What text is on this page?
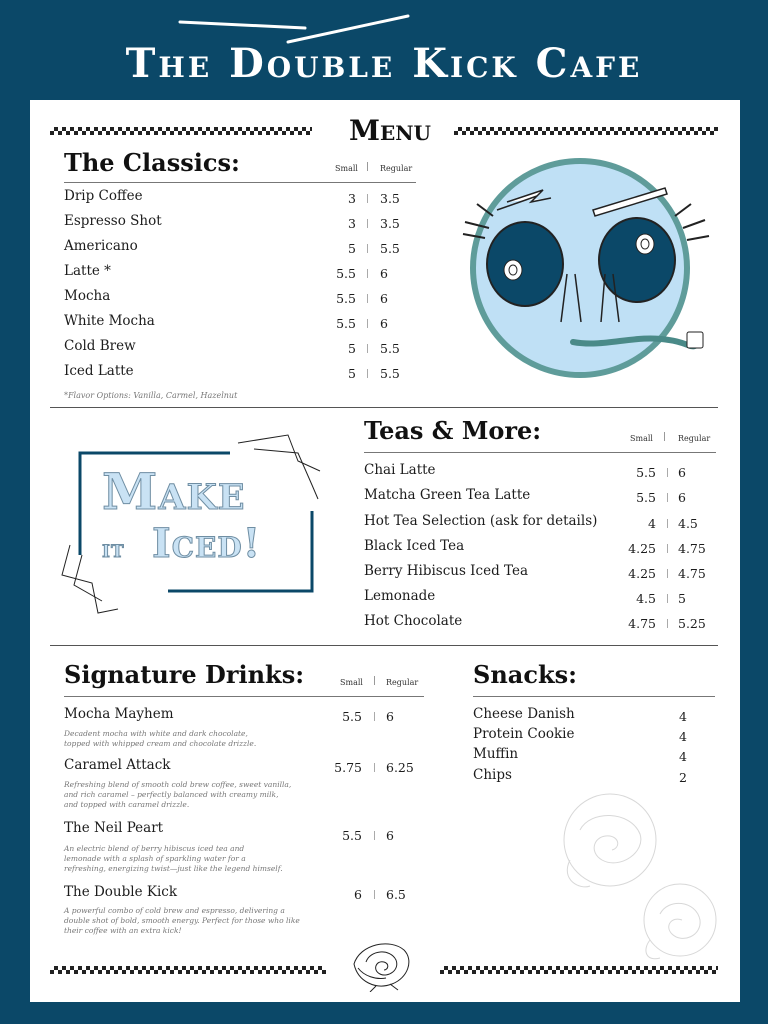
The Double Kick Cafe
Menu
The Classics:	Small	Regular
Drip Coffee	3 3.5
Espresso Shot	3 3.5
Americano	5 5.5
Latte *	5.5 6
Mocha	5.5 6
White Mocha	5.5 6
Cold Brew	5 5.5
Iced Latte	5 5.5
*Flavor Options: Vanilla, Carmel, Hazelnut
Make
it Iced!
Teas & More:	Small	Regular
Chai Latte	5.5 6
Matcha Green Tea Latte	5.5 6
Hot Tea Selection (ask for details)	4 4.5
Black Iced Tea	4.25 4.75
Berry Hibiscus Iced Tea	4.25 4.75
Lemonade	4.5 5
Hot Chocolate	4.75 5.25
Signature Drinks:	Small	Regular
Mocha Mayhem	5.5 6
Decadent mocha with white and dark chocolate,
topped with whipped cream and chocolate drizzle.
Caramel Attack	5.75 6.25
Refreshing blend of smooth cold brew coffee, sweet vanilla,
and rich caramel – perfectly balanced with creamy milk,
and topped with caramel drizzle.
The Neil Peart	5.5 6
An electric blend of berry hibiscus iced tea and
lemonade with a splash of sparkling water for a
refreshing, energizing twist—just like the legend himself.
The Double Kick	6 6.5
A powerful combo of cold brew and espresso, delivering a
double shot of bold, smooth energy. Perfect for those who like
their coffee with an extra kick!
Snacks:
Cheese Danish	4
Protein Cookie	4
Muffin	4
Chips	2
